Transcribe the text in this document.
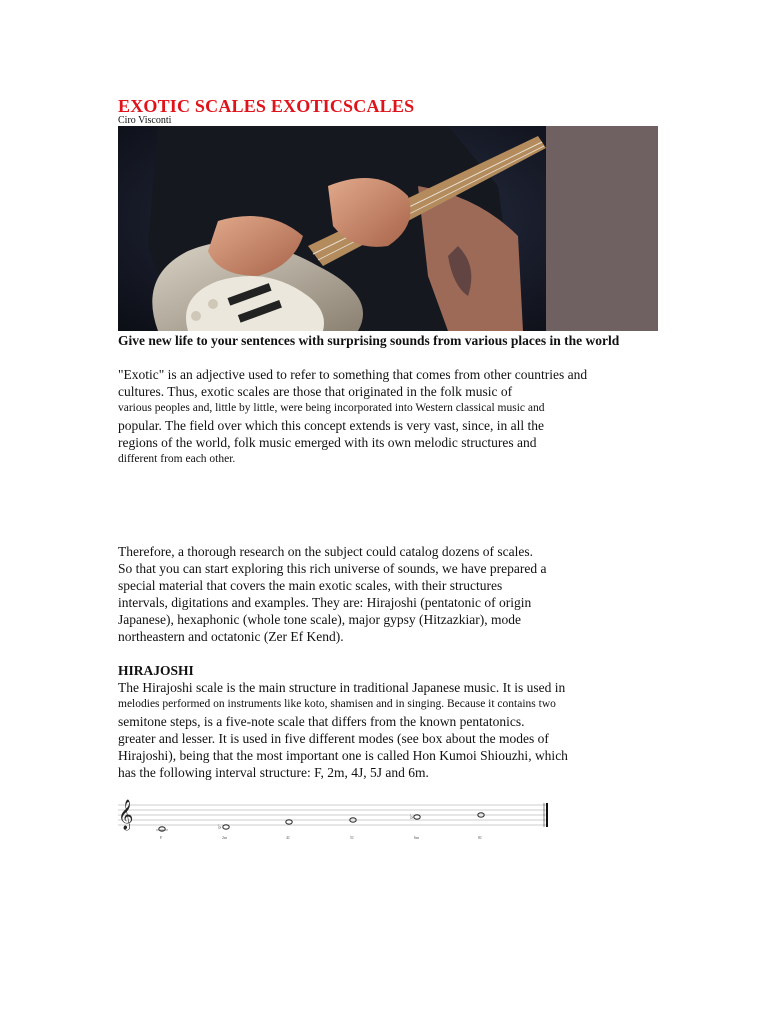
EXOTIC SCALES EXOTICSCALES
Ciro Visconti
Give new life to your sentences with surprising sounds from various places in the world
"Exotic" is an adjective used to refer to something that comes from other countries and
cultures. Thus, exotic scales are those that originated in the folk music of
various peoples and, little by little, were being incorporated into Western classical music and
popular. The field over which this concept extends is very vast, since, in all the
regions of the world, folk music emerged with its own melodic structures and
different from each other.
Therefore, a thorough research on the subject could catalog dozens of scales.
So that you can start exploring this rich universe of sounds, we have prepared a
special material that covers the main exotic scales, with their structures
intervals, digitations and examples. They are: Hirajoshi (pentatonic of origin
Japanese), hexaphonic (whole tone scale), major gypsy (Hitzazkiar), mode
northeastern and octatonic (Zer Ef Kend).
HIRAJOSHI
The Hirajoshi scale is the main structure in traditional Japanese music. It is used in
melodies performed on instruments like koto, shamisen and in singing. Because it contains two
semitone steps, is a five-note scale that differs from the known pentatonics.
greater and lesser. It is used in five different modes (see box about the modes of
Hirajoshi), being that the most important one is called Hon Kumoi Shiouzhi, which
has the following interval structure: F, 2m, 4J, 5J and 6m.
𝄞	♭
♭
F	2m	4J	5J	6m	8J
